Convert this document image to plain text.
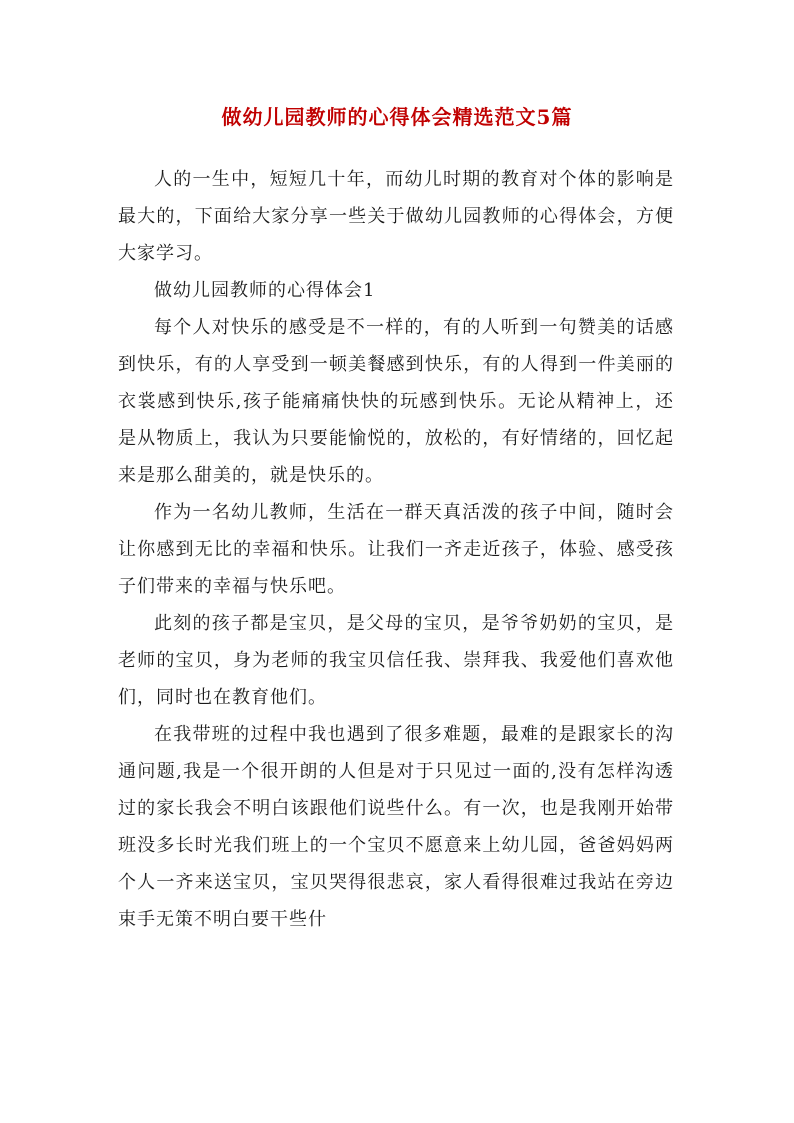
做幼儿园教师的心得体会精选范文5篇

人的一生中，短短几十年，而幼儿时期的教育对个体的影响是最大的，下面给大家分享一些关于做幼儿园教师的心得体会，方便大家学习。

做幼儿园教师的心得体会1

每个人对快乐的感受是不一样的，有的人听到一句赞美的话感到快乐，有的人享受到一顿美餐感到快乐，有的人得到一件美丽的衣裳感到快乐,孩子能痛痛快快的玩感到快乐。无论从精神上，还是从物质上，我认为只要能愉悦的，放松的，有好情绪的，回忆起来是那么甜美的，就是快乐的。

作为一名幼儿教师，生活在一群天真活泼的孩子中间，随时会让你感到无比的幸福和快乐。让我们一齐走近孩子，体验、感受孩子们带来的幸福与快乐吧。

此刻的孩子都是宝贝，是父母的宝贝，是爷爷奶奶的宝贝，是老师的宝贝，身为老师的我宝贝信任我、崇拜我、我爱他们喜欢他们，同时也在教育他们。

在我带班的过程中我也遇到了很多难题，最难的是跟家长的沟通问题,我是一个很开朗的人但是对于只见过一面的,没有怎样沟透过的家长我会不明白该跟他们说些什么。有一次，也是我刚开始带班没多长时光我们班上的一个宝贝不愿意来上幼儿园，爸爸妈妈两个人一齐来送宝贝，宝贝哭得很悲哀，家人看得很难过我站在旁边束手无策不明白要干些什
